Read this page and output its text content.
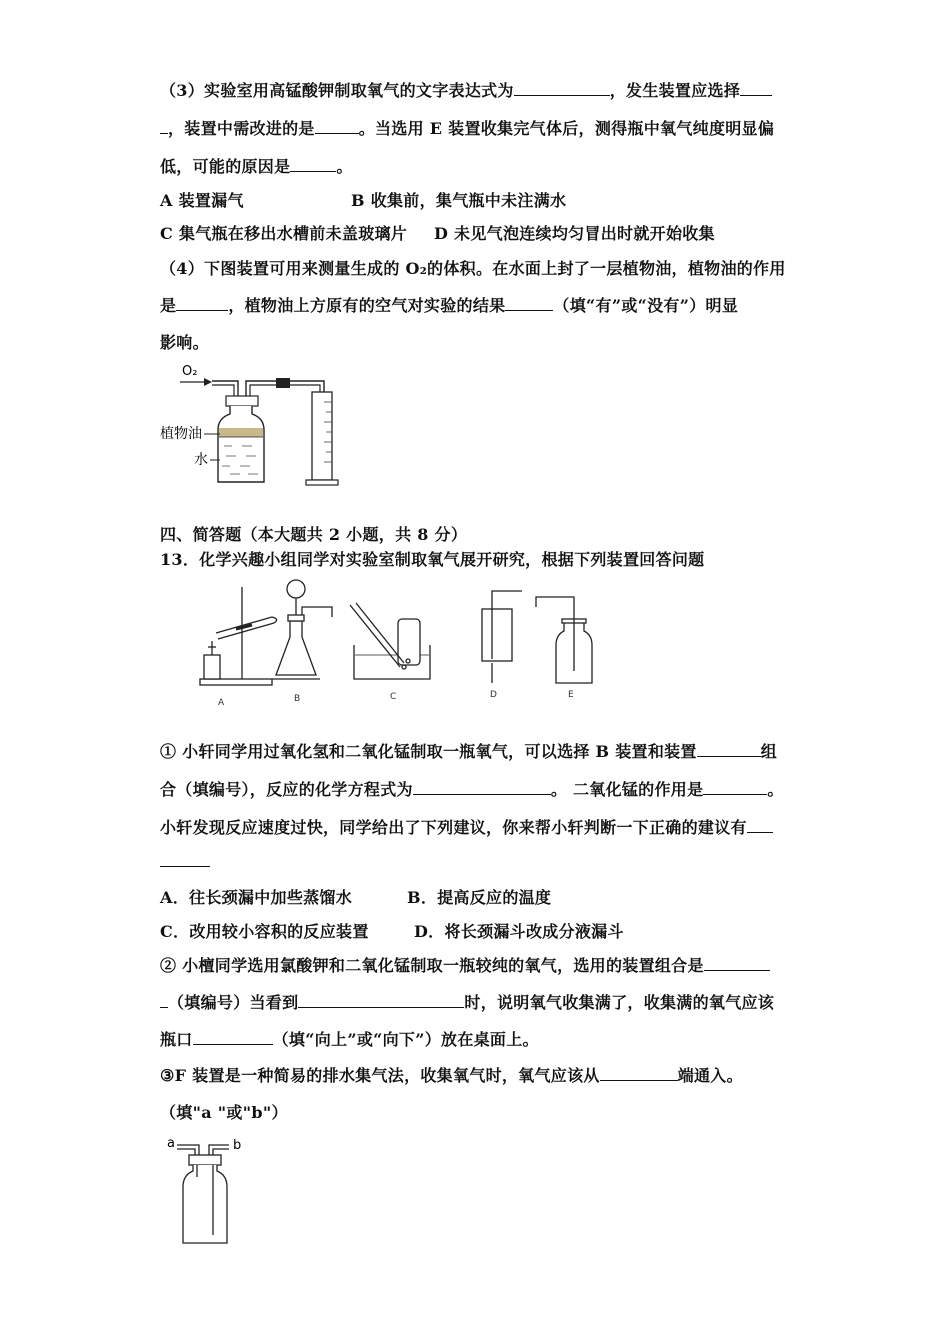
（3）实验室用高锰酸钾制取氧气的文字表达式为	，发生装置应选择
，装置中需改进的是	。当选用 E 装置收集完气体后，测得瓶中氧气纯度明显偏
低，可能的原因是	。
A 装置漏气	B 收集前，集气瓶中未注满水
C 集气瓶在移出水槽前未盖玻璃片 D 未见气泡连续均匀冒出时就开始收集
（4）下图装置可用来测量生成的 O₂的体积。在水面上封了一层植物油，植物油的作用
是	，植物油上方原有的空气对实验的结果	（填“有”或“没有”）明显
影响。
O₂
植物油
水
四、简答题（本大题共 2 小题，共 8 分）
13．化学兴趣小组同学对实验室制取氧气展开研究，根据下列装置回答问题
A	B	C	D	E
① 小轩同学用过氧化氢和二氧化锰制取一瓶氧气，可以选择 B 装置和装置	组
合（填编号），反应的化学方程式为	。 二氧化锰的作用是	。
小轩发现反应速度过快，同学给出了下列建议，你来帮小轩判断一下正确的建议有
A．往长颈漏中加些蒸馏水	B．提高反应的温度
C．改用较小容积的反应装置	D．将长颈漏斗改成分液漏斗
② 小檀同学选用氯酸钾和二氧化锰制取一瓶较纯的氧气，选用的装置组合是
（填编号）当看到	时，说明氧气收集满了，收集满的氧气应该
瓶口	（填“向上”或“向下”）放在桌面上。
③F 装置是一种简易的排水集气法，收集氧气时，氧气应该从	端通入。
（填"a "或"b"）
a	b
